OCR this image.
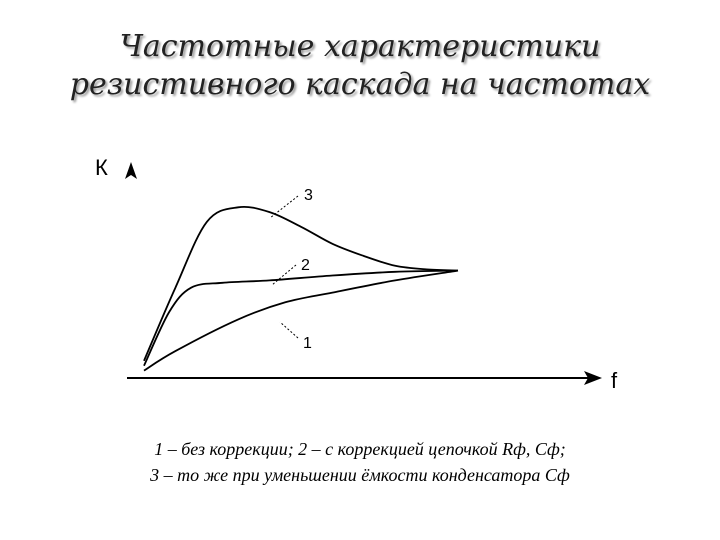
Частотные характеристики
резистивного каскада на частотах
К
f
3
2
1
1 – без коррекции; 2 – с коррекцией цепочкой Rф, Сф;
3 – то же при уменьшении ёмкости конденсатора Сф
